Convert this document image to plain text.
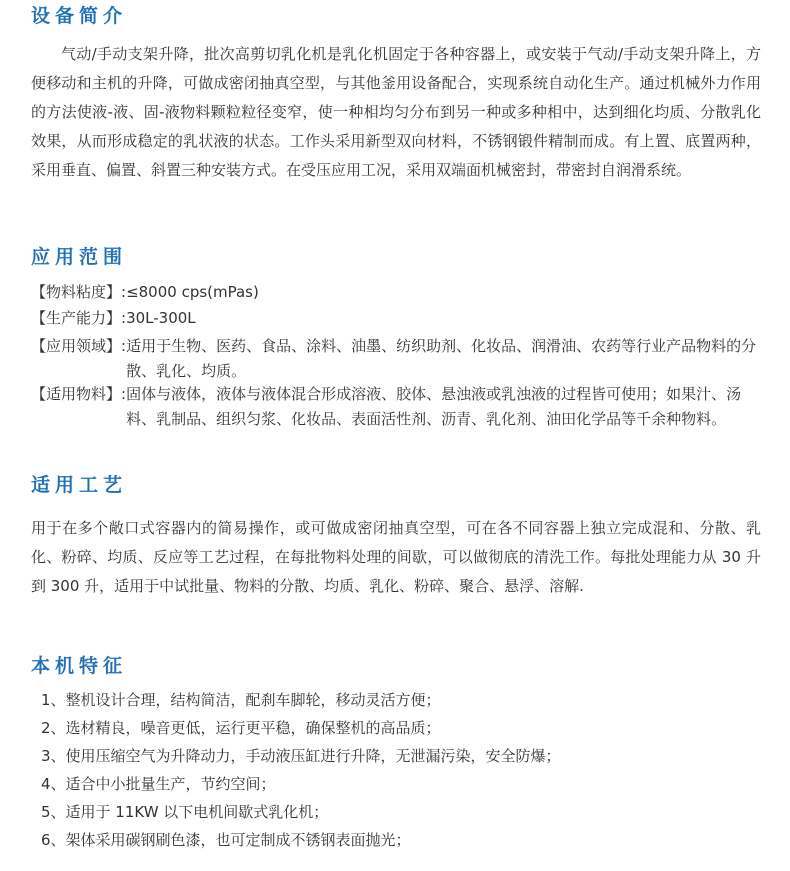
设备简介

气动/手动支架升降，批次高剪切乳化机是乳化机固定于各种容器上，或安装于气动/手动支架升降上，方便移动和主机的升降，可做成密闭抽真空型，与其他釜用设备配合，实现系统自动化生产。通过机械外力作用的方法使液-液、固-液物料颗粒粒径变窄，使一种相均匀分布到另一种或多种相中，达到细化均质、分散乳化效果，从而形成稳定的乳状液的状态。工作头采用新型双向材料，不锈钢锻件精制而成。有上置、底置两种，采用垂直、偏置、斜置三种安装方式。在受压应用工况，采用双端面机械密封，带密封自润滑系统。

应用范围
【物料粘度】: ≤8000 cps(mPas)
【生产能力】: 30L-300L
【应用领域】: 适用于生物、医药、食品、涂料、油墨、纺织助剂、化妆品、润滑油、农药等行业产品物料的分散、乳化、均质。
【适用物料】: 固体与液体，液体与液体混合形成溶液、胶体、悬浊液或乳浊液的过程皆可使用；如果汁、汤料、乳制品、组织匀浆、化妆品、表面活性剂、沥青、乳化剂、油田化学品等千余种物料。
适用工艺

用于在多个敞口式容器内的简易操作，或可做成密闭抽真空型，可在各不同容器上独立完成混和、分散、乳化、粉碎、均质、反应等工艺过程，在每批物料处理的间歇，可以做彻底的清洗工作。每批处理能力从 30 升到 300 升，适用于中试批量、物料的分散、均质、乳化、粉碎、聚合、悬浮、溶解.

本机特征
1、整机设计合理，结构简洁，配刹车脚轮，移动灵活方便；
2、选材精良，噪音更低，运行更平稳，确保整机的高品质；
3、使用压缩空气为升降动力，手动液压缸进行升降，无泄漏污染，安全防爆；
4、适合中小批量生产，节约空间；
5、适用于 11KW 以下电机间歇式乳化机；
6、架体采用碳钢刷色漆，也可定制成不锈钢表面抛光；
